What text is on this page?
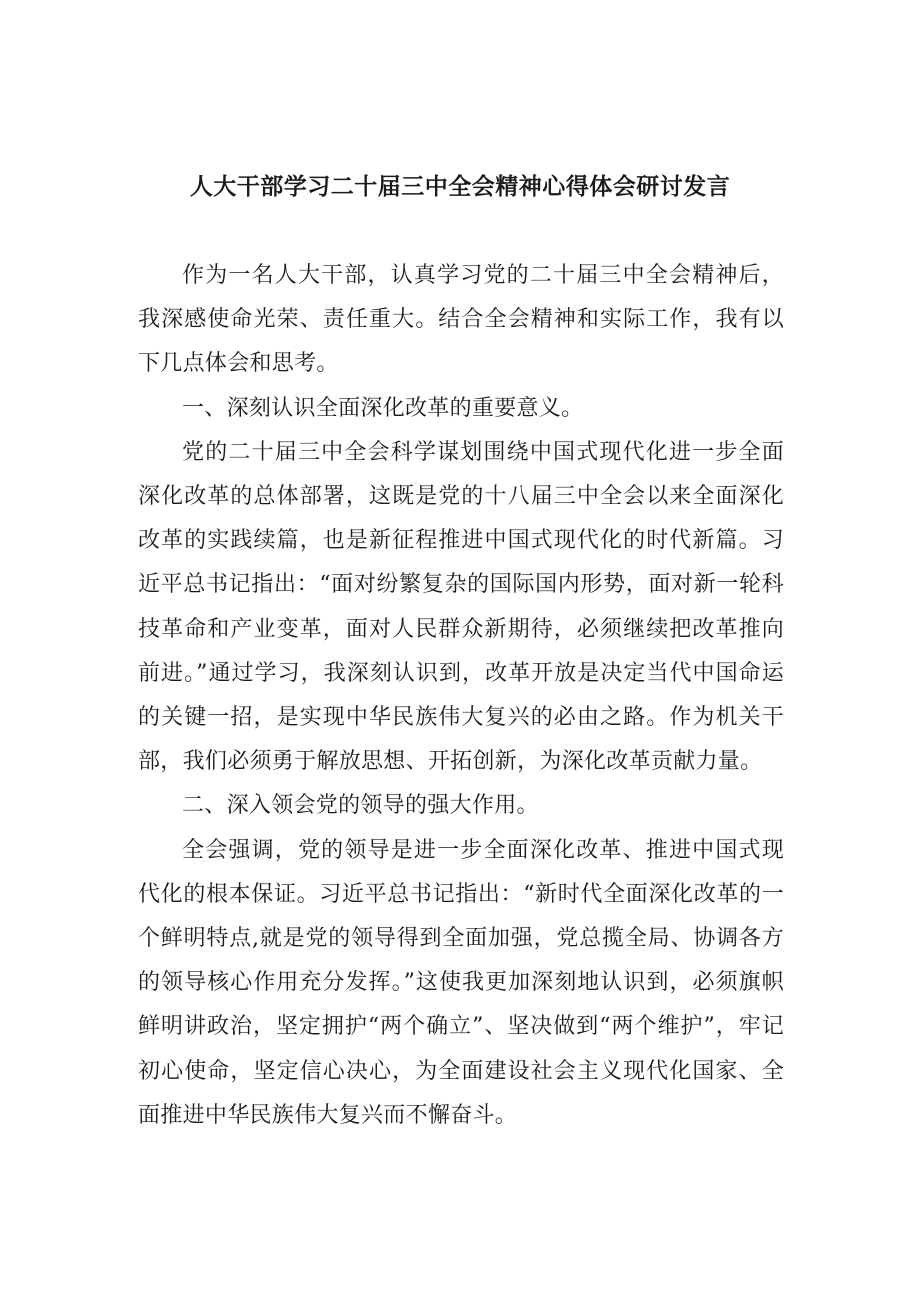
人大干部学习二十届三中全会精神心得体会研讨发言

作为一名人大干部，认真学习党的二十届三中全会精神后，我深感使命光荣、责任重大。结合全会精神和实际工作，我有以下几点体会和思考。

一、深刻认识全面深化改革的重要意义。

党的二十届三中全会科学谋划围绕中国式现代化进一步全面深化改革的总体部署，这既是党的十八届三中全会以来全面深化改革的实践续篇，也是新征程推进中国式现代化的时代新篇。习近平总书记指出：“面对纷繁复杂的国际国内形势，面对新一轮科技革命和产业变革，面对人民群众新期待，必须继续把改革推向前进。”通过学习，我深刻认识到，改革开放是决定当代中国命运的关键一招，是实现中华民族伟大复兴的必由之路。作为机关干部，我们必须勇于解放思想、开拓创新，为深化改革贡献力量。

二、深入领会党的领导的强大作用。

全会强调，党的领导是进一步全面深化改革、推进中国式现代化的根本保证。习近平总书记指出：“新时代全面深化改革的一个鲜明特点,就是党的领导得到全面加强，党总揽全局、协调各方的领导核心作用充分发挥。”这使我更加深刻地认识到，必须旗帜鲜明讲政治，坚定拥护“两个确立”、坚决做到“两个维护”，牢记初心使命，坚定信心决心，为全面建设社会主义现代化国家、全面推进中华民族伟大复兴而不懈奋斗。
